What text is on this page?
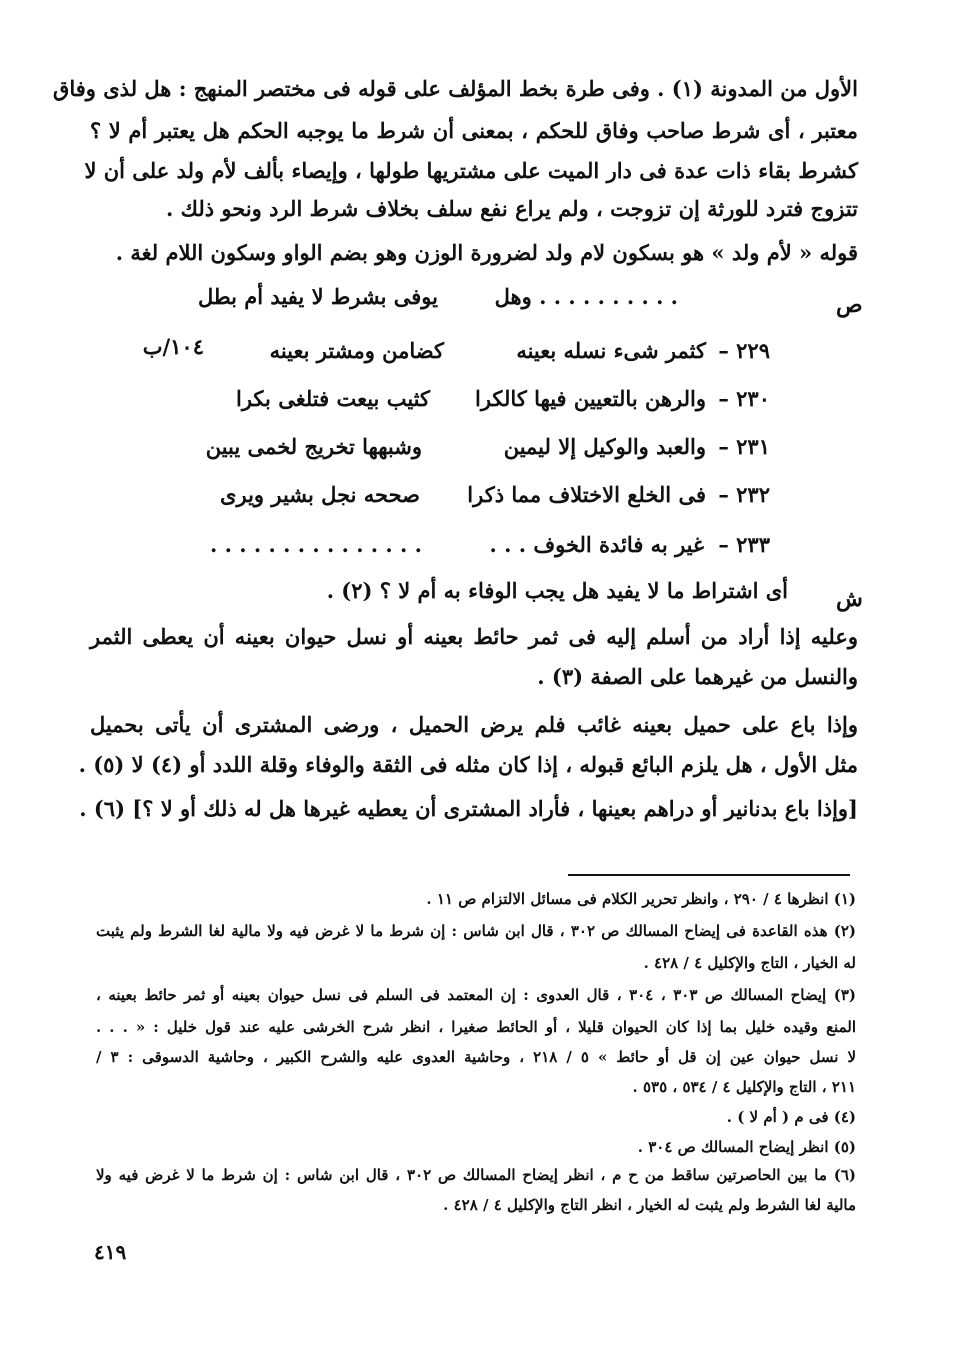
الأول من المدونة (١) . وفى طرة بخط المؤلف على قوله فى مختصر المنهج : هل لذى وفاق
معتبر ، أى شرط صاحب وفاق للحكم ، بمعنى أن شرط ما يوجبه الحكم هل يعتبر أم لا ؟
كشرط بقاء ذات عدة فى دار الميت على مشتريها طولها ، وإيصاء بألف لأم ولد على أن لا
تتزوج فترد للورثة إن تزوجت ، ولم يراع نفع سلف بخلاف شرط الرد ونحو ذلك .
قوله « لأم ولد » هو بسكون لام ولد لضرورة الوزن وهو بضم الواو وسكون اللام لغة .
ص
. . . . . . . . . . وهل
يوفى بشرط لا يفيد أم بطل
٢٢٩ –
كثمر شىء نسله بعينه
كضامن ومشتر بعينه
١٠٤/ب
٢٣٠ –
والرهن بالتعيين فيها كالكرا
كثيب بيعت فتلغى بكرا
٢٣١ –
والعبد والوكيل إلا ليمين
وشبهها تخريج لخمى يبين
٢٣٢ –
فى الخلع الاختلاف مما ذكرا
صححه نجل بشير ويرى
٢٣٣ –
غير به فائدة الخوف . . .
. . . . . . . . . . . . . . .
ش
أى اشتراط ما لا يفيد هل يجب الوفاء به أم لا ؟ (٢) .
وعليه إذا أراد من أسلم إليه فى ثمر حائط بعينه أو نسل حيوان بعينه أن يعطى الثمر
والنسل من غيرهما على الصفة (٣) .
وإذا باع على حميل بعينه غائب فلم يرض الحميل ، ورضى المشترى أن يأتى بحميل
مثل الأول ، هل يلزم البائع قبوله ، إذا كان مثله فى الثقة والوفاء وقلة اللدد أو (٤) لا (٥) .
[وإذا باع بدنانير أو دراهم بعينها ، فأراد المشترى أن يعطيه غيرها هل له ذلك أو لا ؟] (٦) .
(١) انظرها ٤ / ٢٩٠ ، وانظر تحرير الكلام فى مسائل الالتزام ص ١١ .
(٢) هذه القاعدة فى إيضاح المسالك ص ٣٠٢ ، قال ابن شاس : إن شرط ما لا غرض فيه ولا مالية لغا الشرط ولم يثبت
له الخيار ، التاج والإكليل ٤ / ٤٢٨ .
(٣) إيضاح المسالك ص ٣٠٣ ، ٣٠٤ ، قال العدوى : إن المعتمد فى السلم فى نسل حيوان بعينه أو ثمر حائط بعينه ،
المنع وقيده خليل بما إذا كان الحيوان قليلا ، أو الحائط صغيرا ، انظر شرح الخرشى عليه عند قول خليل : « . . .
لا نسل حيوان عين إن قل أو حائط » ٥ / ٢١٨ ، وحاشية العدوى عليه والشرح الكبير ، وحاشية الدسوقى : ٣ /
٢١١ ، التاج والإكليل ٤ / ٥٣٤ ، ٥٣٥ .
(٤) فى م ( أم لا ) .
(٥) انظر إيضاح المسالك ص ٣٠٤ .
(٦) ما بين الحاصرتين ساقط من ح م ، انظر إيضاح المسالك ص ٣٠٢ ، قال ابن شاس : إن شرط ما لا غرض فيه ولا
مالية لغا الشرط ولم يثبت له الخيار ، انظر التاج والإكليل ٤ / ٤٢٨ .
٤١٩
